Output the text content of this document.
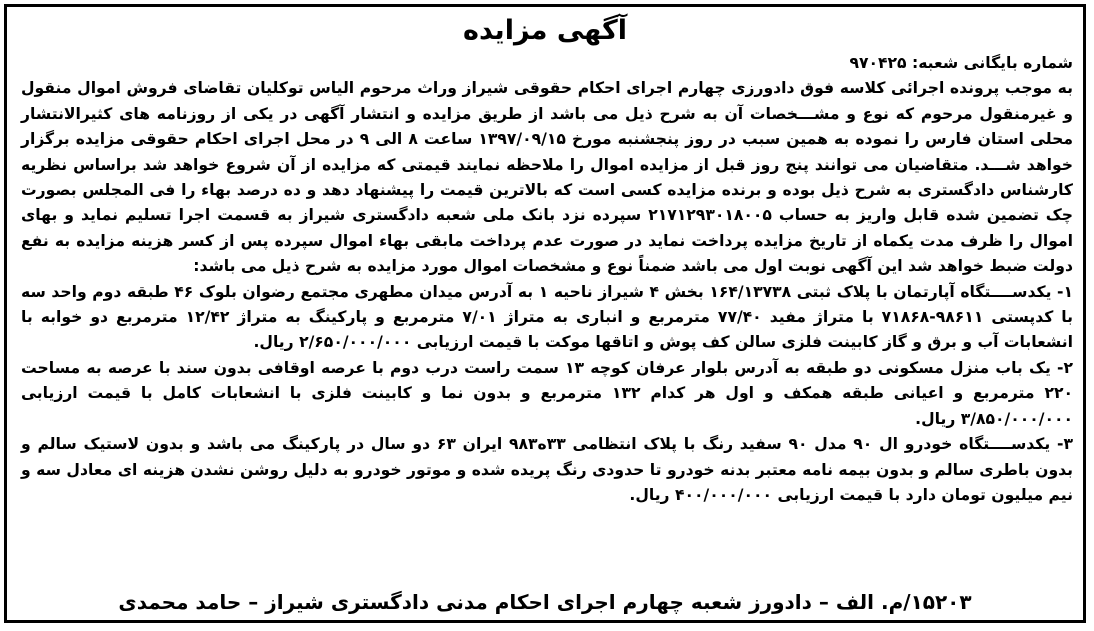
آگهی مزایده

شماره بایگانی شعبه: ۹۷۰۴۲۵

به موجب پرونده اجرائی کلاسه فوق دادورزی چهارم اجرای احکام حقوقی شیراز وراث مرحوم الیاس توکلیان تقاضای فروش اموال منقول و غیرمنقول مرحوم که نوع و مشـــخصات آن به شرح ذیل می باشد از طریق مزایده و انتشار آگهی در یکی از روزنامه های کثیرالانتشار محلی استان فارس را نموده به همین سبب در روز پنجشنبه مورخ ۱۳۹۷/۰۹/۱۵ ساعت ۸ الی ۹ در محل اجرای احکام حقوقی مزایده برگزار خواهد شـــد. متقاضیان می توانند پنج روز قبل از مزایده اموال را ملاحظه نمایند قیمتی که مزایده از آن شروع خواهد شد براساس نظریه کارشناس دادگستری به شرح ذیل بوده و برنده مزایده کسی است که بالاترین قیمت را پیشنهاد دهد و ده درصد بهاء را فی المجلس بصورت چک تضمین شده قابل واریز به حساب ۲۱۷۱۲۹۳۰۱۸۰۰۵ سپرده نزد بانک ملی شعبه دادگستری شیراز به قسمت اجرا تسلیم نماید و بهای اموال را ظرف مدت یکماه از تاریخ مزایده پرداخت نماید در صورت عدم پرداخت مابقی بهاء اموال سپرده پس از کسر هزینه مزایده به نفع دولت ضبط خواهد شد این آگهی نوبت اول می باشد ضمناً نوع و مشخصات اموال مورد مزایده به شرح ذیل می باشد:

۱- یکدســــتگاه آپارتمان با پلاک ثبتی ۱۶۴/۱۳۷۳۸ بخش ۴ شیراز ناحیه ۱ به آدرس میدان مطهری مجتمع رضوان بلوک ۴۶ طبقه دوم واحد سه با کدپستی ۹۸۶۱۱-۷۱۸۶۸ با متراژ مفید ۷۷/۴۰ مترمربع و انباری به متراژ ۷/۰۱ مترمربع و پارکینگ به متراژ ۱۲/۴۲ مترمربع دو خوابه با انشعابات آب و برق و گاز کابینت فلزی سالن کف پوش و اتاقها موکت با قیمت ارزیابی ۲/۶۵۰/۰۰۰/۰۰۰ ریال.

۲- یک باب منزل مسکونی دو طبقه به آدرس بلوار عرفان کوچه ۱۳ سمت راست درب دوم با عرصه اوقافی بدون سند با عرصه به مساحت ۲۲۰ مترمربع و اعیانی طبقه همکف و اول هر کدام ۱۳۲ مترمربع و بدون نما و کابینت فلزی با انشعابات کامل با قیمت ارزیابی ۳/۸۵۰/۰۰۰/۰۰۰ ریال.

۳- یکدســــتگاه خودرو ال ۹۰ مدل ۹۰ سفید رنگ با پلاک انتظامی ۳۳ه۹۸۳ ایران ۶۳ دو سال در پارکینگ می باشد و بدون لاستیک سالم و بدون باطری سالم و بدون بیمه نامه معتبر بدنه خودرو تا حدودی رنگ پریده شده و موتور خودرو به دلیل روشن نشدن هزینه ای معادل سه و نیم میلیون تومان دارد با قیمت ارزیابی ۴۰۰/۰۰۰/۰۰۰ ریال.

۱۵۲۰۳/م. الف – دادورز شعبه چهارم اجرای احکام مدنی دادگستری شیراز – حامد محمدی
